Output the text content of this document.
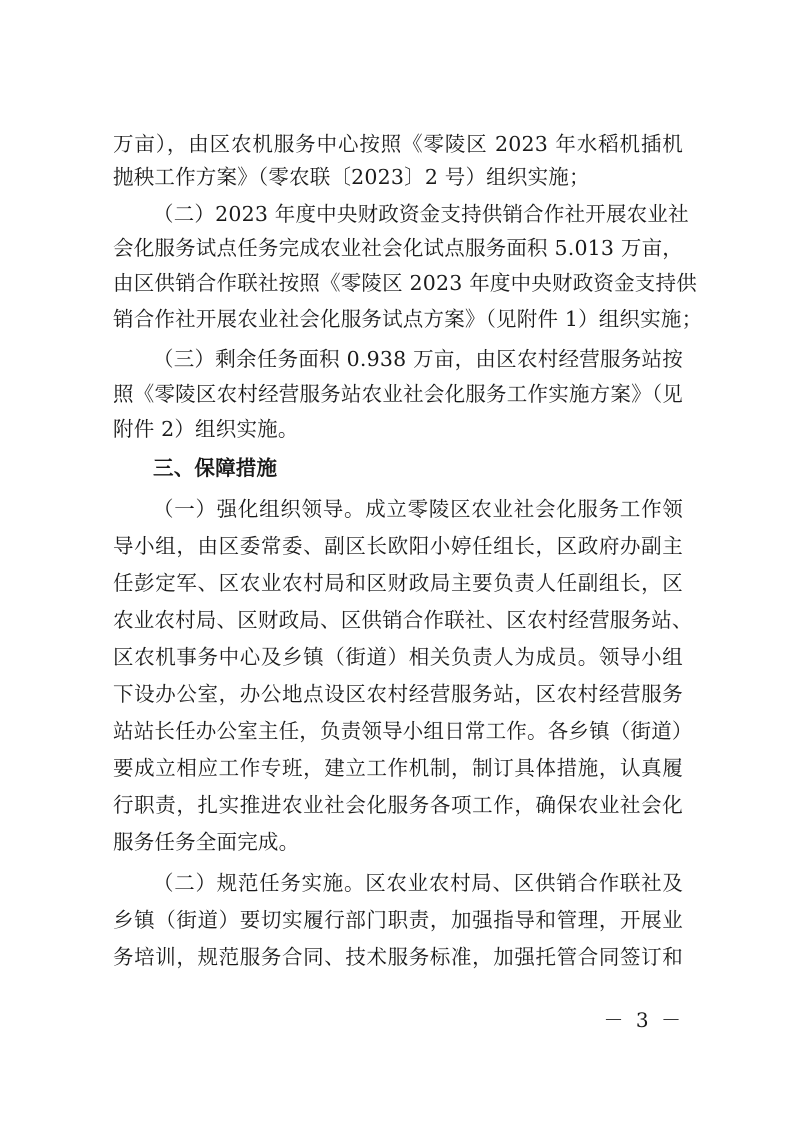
万亩），由区农机服务中心按照《零陵区 2023 年水稻机插机
抛秧工作方案》（零农联〔2023〕2 号）组织实施；
（二）2023 年度中央财政资金支持供销合作社开展农业社
会化服务试点任务完成农业社会化试点服务面积 5.013 万亩，
由区供销合作联社按照《零陵区 2023 年度中央财政资金支持供
销合作社开展农业社会化服务试点方案》（见附件 1）组织实施；
（三）剩余任务面积 0.938 万亩，由区农村经营服务站按
照《零陵区农村经营服务站农业社会化服务工作实施方案》（见
附件 2）组织实施。
三、保障措施
（一）强化组织领导。成立零陵区农业社会化服务工作领
导小组，由区委常委、副区长欧阳小婷任组长，区政府办副主
任彭定军、区农业农村局和区财政局主要负责人任副组长，区
农业农村局、区财政局、区供销合作联社、区农村经营服务站、
区农机事务中心及乡镇（街道）相关负责人为成员。领导小组
下设办公室，办公地点设区农村经营服务站，区农村经营服务
站站长任办公室主任，负责领导小组日常工作。各乡镇（街道）
要成立相应工作专班，建立工作机制，制订具体措施，认真履
行职责，扎实推进农业社会化服务各项工作，确保农业社会化
服务任务全面完成。
（二）规范任务实施。区农业农村局、区供销合作联社及
乡镇（街道）要切实履行部门职责，加强指导和管理，开展业
务培训，规范服务合同、技术服务标准，加强托管合同签订和
－ 3 －
